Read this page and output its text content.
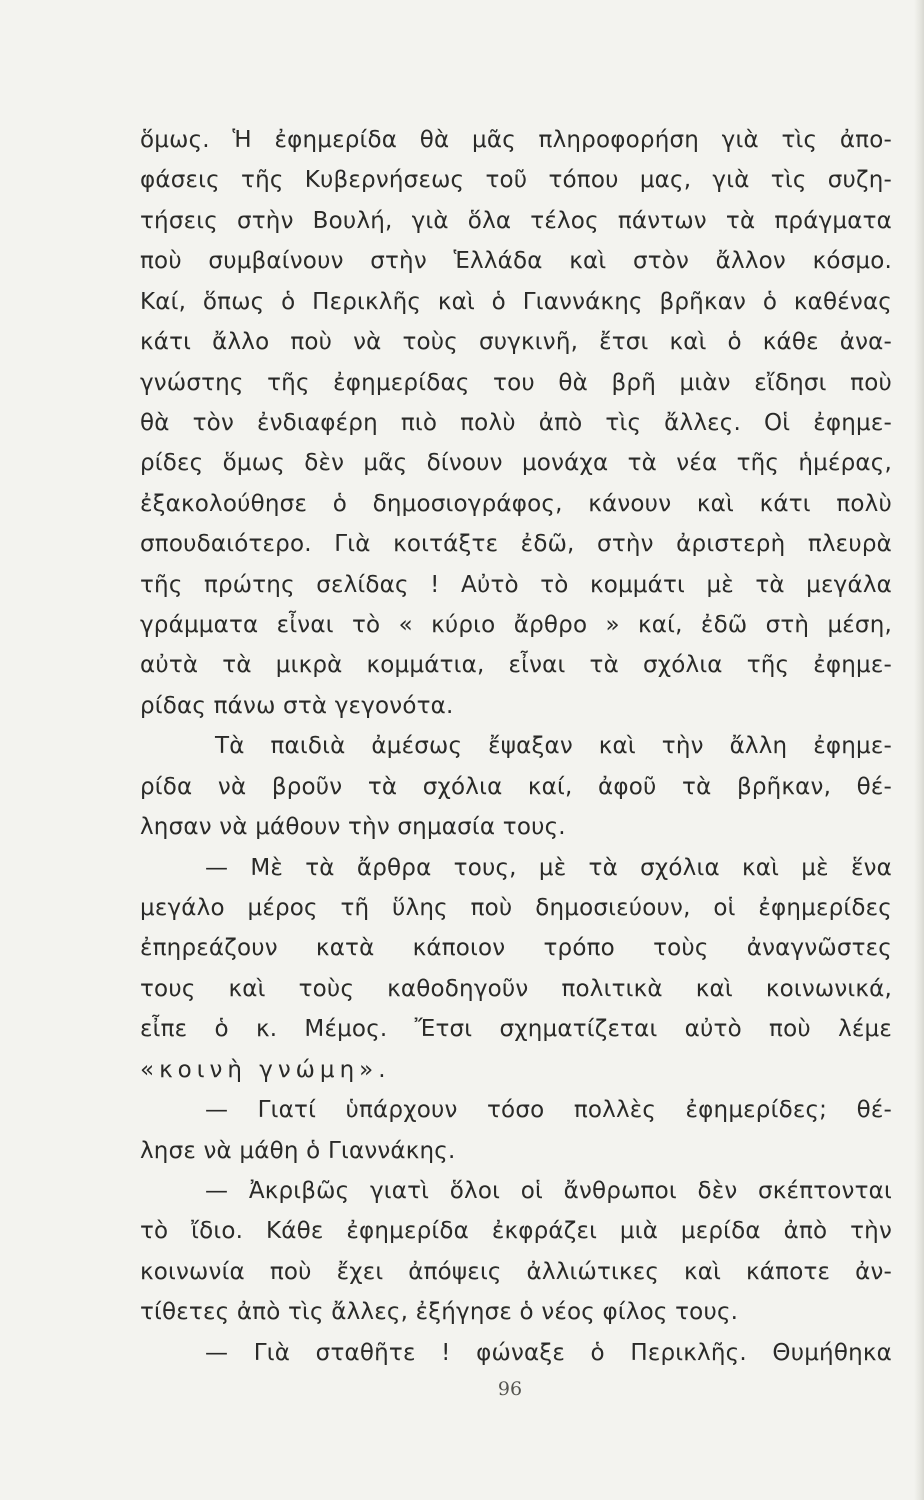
ὅμως. Ἡ ἐφημερίδα θὰ μᾶς πληροφορήση γιὰ τὶς ἀπο-
φάσεις τῆς Κυβερνήσεως τοῦ τόπου μας, γιὰ τὶς συζη-
τήσεις στὴν Βουλή, γιὰ ὅλα τέλος πάντων τὰ πράγματα
ποὺ συμβαίνουν στὴν Ἑλλάδα καὶ στὸν ἄλλον κόσμο.
Καί, ὅπως ὁ Περικλῆς καὶ ὁ Γιαννάκης βρῆκαν ὁ καθένας
κάτι ἄλλο ποὺ νὰ τοὺς συγκινῆ, ἔτσι καὶ ὁ κάθε ἀνα-
γνώστης τῆς ἐφημερίδας του θὰ βρῆ μιὰν εἴδησι ποὺ
θὰ τὸν ἐνδιαφέρη πιὸ πολὺ ἀπὸ τὶς ἄλλες. Οἱ ἐφημε-
ρίδες ὅμως δὲν μᾶς δίνουν μονάχα τὰ νέα τῆς ἡμέρας,
ἐξακολούθησε ὁ δημοσιογράφος, κάνουν καὶ κάτι πολὺ
σπουδαιότερο. Γιὰ κοιτάξτε ἐδῶ, στὴν ἀριστερὴ πλευρὰ
τῆς πρώτης σελίδας ! Αὐτὸ τὸ κομμάτι μὲ τὰ μεγάλα
γράμματα εἶναι τὸ « κύριο ἄρθρο » καί, ἐδῶ στὴ μέση,
αὐτὰ τὰ μικρὰ κομμάτια, εἶναι τὰ σχόλια τῆς ἐφημε-
ρίδας πάνω στὰ γεγονότα.
Τὰ παιδιὰ ἀμέσως ἔψαξαν καὶ τὴν ἄλλη ἐφημε-
ρίδα νὰ βροῦν τὰ σχόλια καί, ἀφοῦ τὰ βρῆκαν, θέ-
λησαν νὰ μάθουν τὴν σημασία τους.
— Μὲ τὰ ἄρθρα τους, μὲ τὰ σχόλια καὶ μὲ ἕνα
μεγάλο μέρος τῆ ὕλης ποὺ δημοσιεύουν, οἱ ἐφημερίδες
ἐπηρεάζουν κατὰ κάποιον τρόπο τοὺς ἀναγνῶστες
τους καὶ τοὺς καθοδηγοῦν πολιτικὰ καὶ κοινωνικά,
εἶπε ὁ κ. Μέμος. Ἔτσι σχηματίζεται αὐτὸ ποὺ λέμε
«κοινὴ γνώμη».
— Γιατί ὑπάρχουν τόσο πολλὲς ἐφημερίδες; θέ-
λησε νὰ μάθη ὁ Γιαννάκης.
— Ἀκριβῶς γιατὶ ὅλοι οἱ ἄνθρωποι δὲν σκέπτονται
τὸ ἴδιο. Κάθε ἐφημερίδα ἐκφράζει μιὰ μερίδα ἀπὸ τὴν
κοινωνία ποὺ ἔχει ἀπόψεις ἀλλιώτικες καὶ κάποτε ἀν-
τίθετες ἀπὸ τὶς ἄλλες, ἐξήγησε ὁ νέος φίλος τους.
— Γιὰ σταθῆτε ! φώναξε ὁ Περικλῆς. Θυμήθηκα
96
